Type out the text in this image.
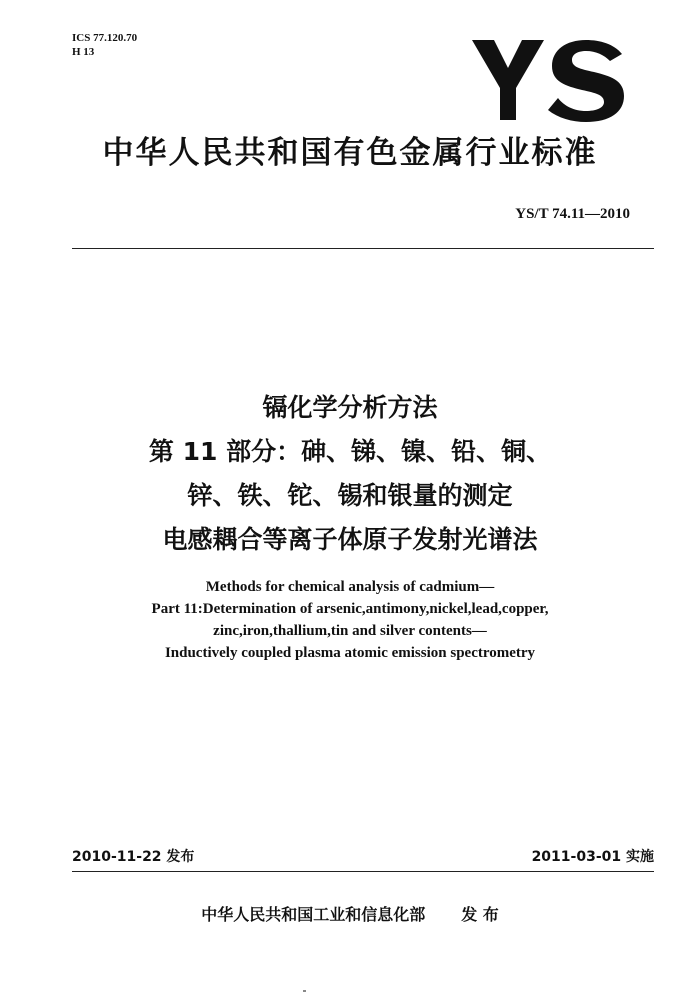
ICS 77.120.70
H 13
中华人民共和国有色金属行业标准
YS/T 74.11—2010
镉化学分析方法
第 11 部分：砷、锑、镍、铅、铜、
锌、铁、铊、锡和银量的测定
电感耦合等离子体原子发射光谱法
Methods for chemical analysis of cadmium—
Part 11:Determination of arsenic,antimony,nickel,lead,copper,
zinc,iron,thallium,tin and silver contents—
Inductively coupled plasma atomic emission spectrometry
2010-11-22 发布	2011-03-01 实施
中华人民共和国工业和信息化部 发 布
